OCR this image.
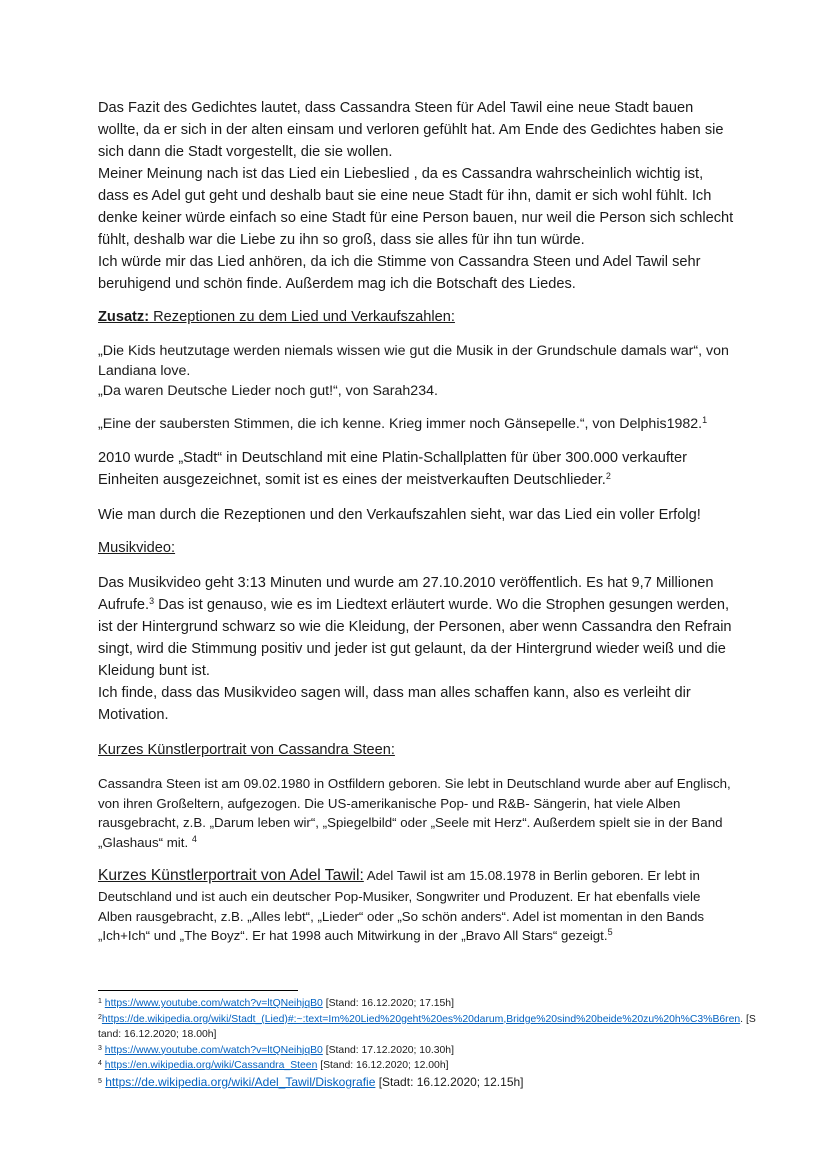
Das Fazit des Gedichtes lautet, dass Cassandra Steen für Adel Tawil eine neue Stadt bauen wollte, da er sich in der alten einsam und verloren gefühlt hat. Am Ende des Gedichtes haben sie sich dann die Stadt vorgestellt, die sie wollen.

Meiner Meinung nach ist das Lied ein Liebeslied , da es Cassandra wahrscheinlich wichtig ist, dass es Adel gut geht und deshalb baut sie eine neue Stadt für ihn, damit er sich wohl fühlt. Ich denke keiner würde einfach so eine Stadt für eine Person bauen, nur weil die Person sich schlecht fühlt, deshalb war die Liebe zu ihn so groß, dass sie alles für ihn tun würde.

Ich würde mir das Lied anhören, da ich die Stimme von Cassandra Steen und Adel Tawil sehr beruhigend und schön finde. Außerdem mag ich die Botschaft des Liedes.

Zusatz: Rezeptionen zu dem Lied und Verkaufszahlen:

„Die Kids heutzutage werden niemals wissen wie gut die Musik in der Grundschule damals war“, von Landiana love.

„Da waren Deutsche Lieder noch gut!“, von Sarah234.

„Eine der saubersten Stimmen, die ich kenne. Krieg immer noch Gänsepelle.“, von Delphis1982.$^1$

2010 wurde „Stadt“ in Deutschland mit eine Platin-Schallplatten für über 300.000 verkaufter Einheiten ausgezeichnet, somit ist es eines der meistverkauften Deutschlieder.$^2$

Wie man durch die Rezeptionen und den Verkaufszahlen sieht, war das Lied ein voller Erfolg!

Musikvideo:

Das Musikvideo geht 3:13 Minuten und wurde am 27.10.2010 veröffentlich. Es hat 9,7 Millionen Aufrufe.$^3$ Das ist genauso, wie es im Liedtext erläutert wurde. Wo die Strophen gesungen werden, ist der Hintergrund schwarz so wie die Kleidung, der Personen, aber wenn Cassandra den Refrain singt, wird die Stimmung positiv und jeder ist gut gelaunt, da der Hintergrund wieder weiß und die Kleidung bunt ist.

Ich finde, dass das Musikvideo sagen will, dass man alles schaffen kann, also es verleiht dir Motivation.

Kurzes Künstlerportrait von Cassandra Steen:

Cassandra Steen ist am 09.02.1980 in Ostfildern geboren. Sie lebt in Deutschland wurde aber auf Englisch, von ihren Großeltern, aufgezogen. Die US-amerikanische Pop- und R&B- Sängerin, hat viele Alben rausgebracht, z.B. „Darum leben wir“, „Spiegelbild“ oder „Seele mit Herz“. Außerdem spielt sie in der Band „Glashaus“ mit. $^4$

Kurzes Künstlerportrait von Adel Tawil: Adel Tawil ist am 15.08.1978 in Berlin geboren. Er lebt in Deutschland und ist auch ein deutscher Pop-Musiker, Songwriter und Produzent. Er hat ebenfalls viele Alben rausgebracht, z.B. „Alles lebt“, „Lieder“ oder „So schön anders“. Adel ist momentan in den Bands „Ich+Ich“ und „The Boyz“. Er hat 1998 auch Mitwirkung in der „Bravo All Stars“ gezeigt.$^5$

$^1$ https://www.youtube.com/watch?v=ltQNeihjqB0 [Stand: 16.12.2020; 17.15h]
$^2$https://de.wikipedia.org/wiki/Stadt_(Lied)#:~:text=Im%20Lied%20geht%20es%20darum,Bridge%20sind%20beide%20zu%20h%C3%B6ren. [Stand: 16.12.2020; 18.00h]
$^3$ https://www.youtube.com/watch?v=ltQNeihjqB0 [Stand: 17.12.2020; 10.30h]
$^4$ https://en.wikipedia.org/wiki/Cassandra_Steen [Stand: 16.12.2020; 12.00h]
$^5$ https://de.wikipedia.org/wiki/Adel_Tawil/Diskografie [Stadt: 16.12.2020; 12.15h]
